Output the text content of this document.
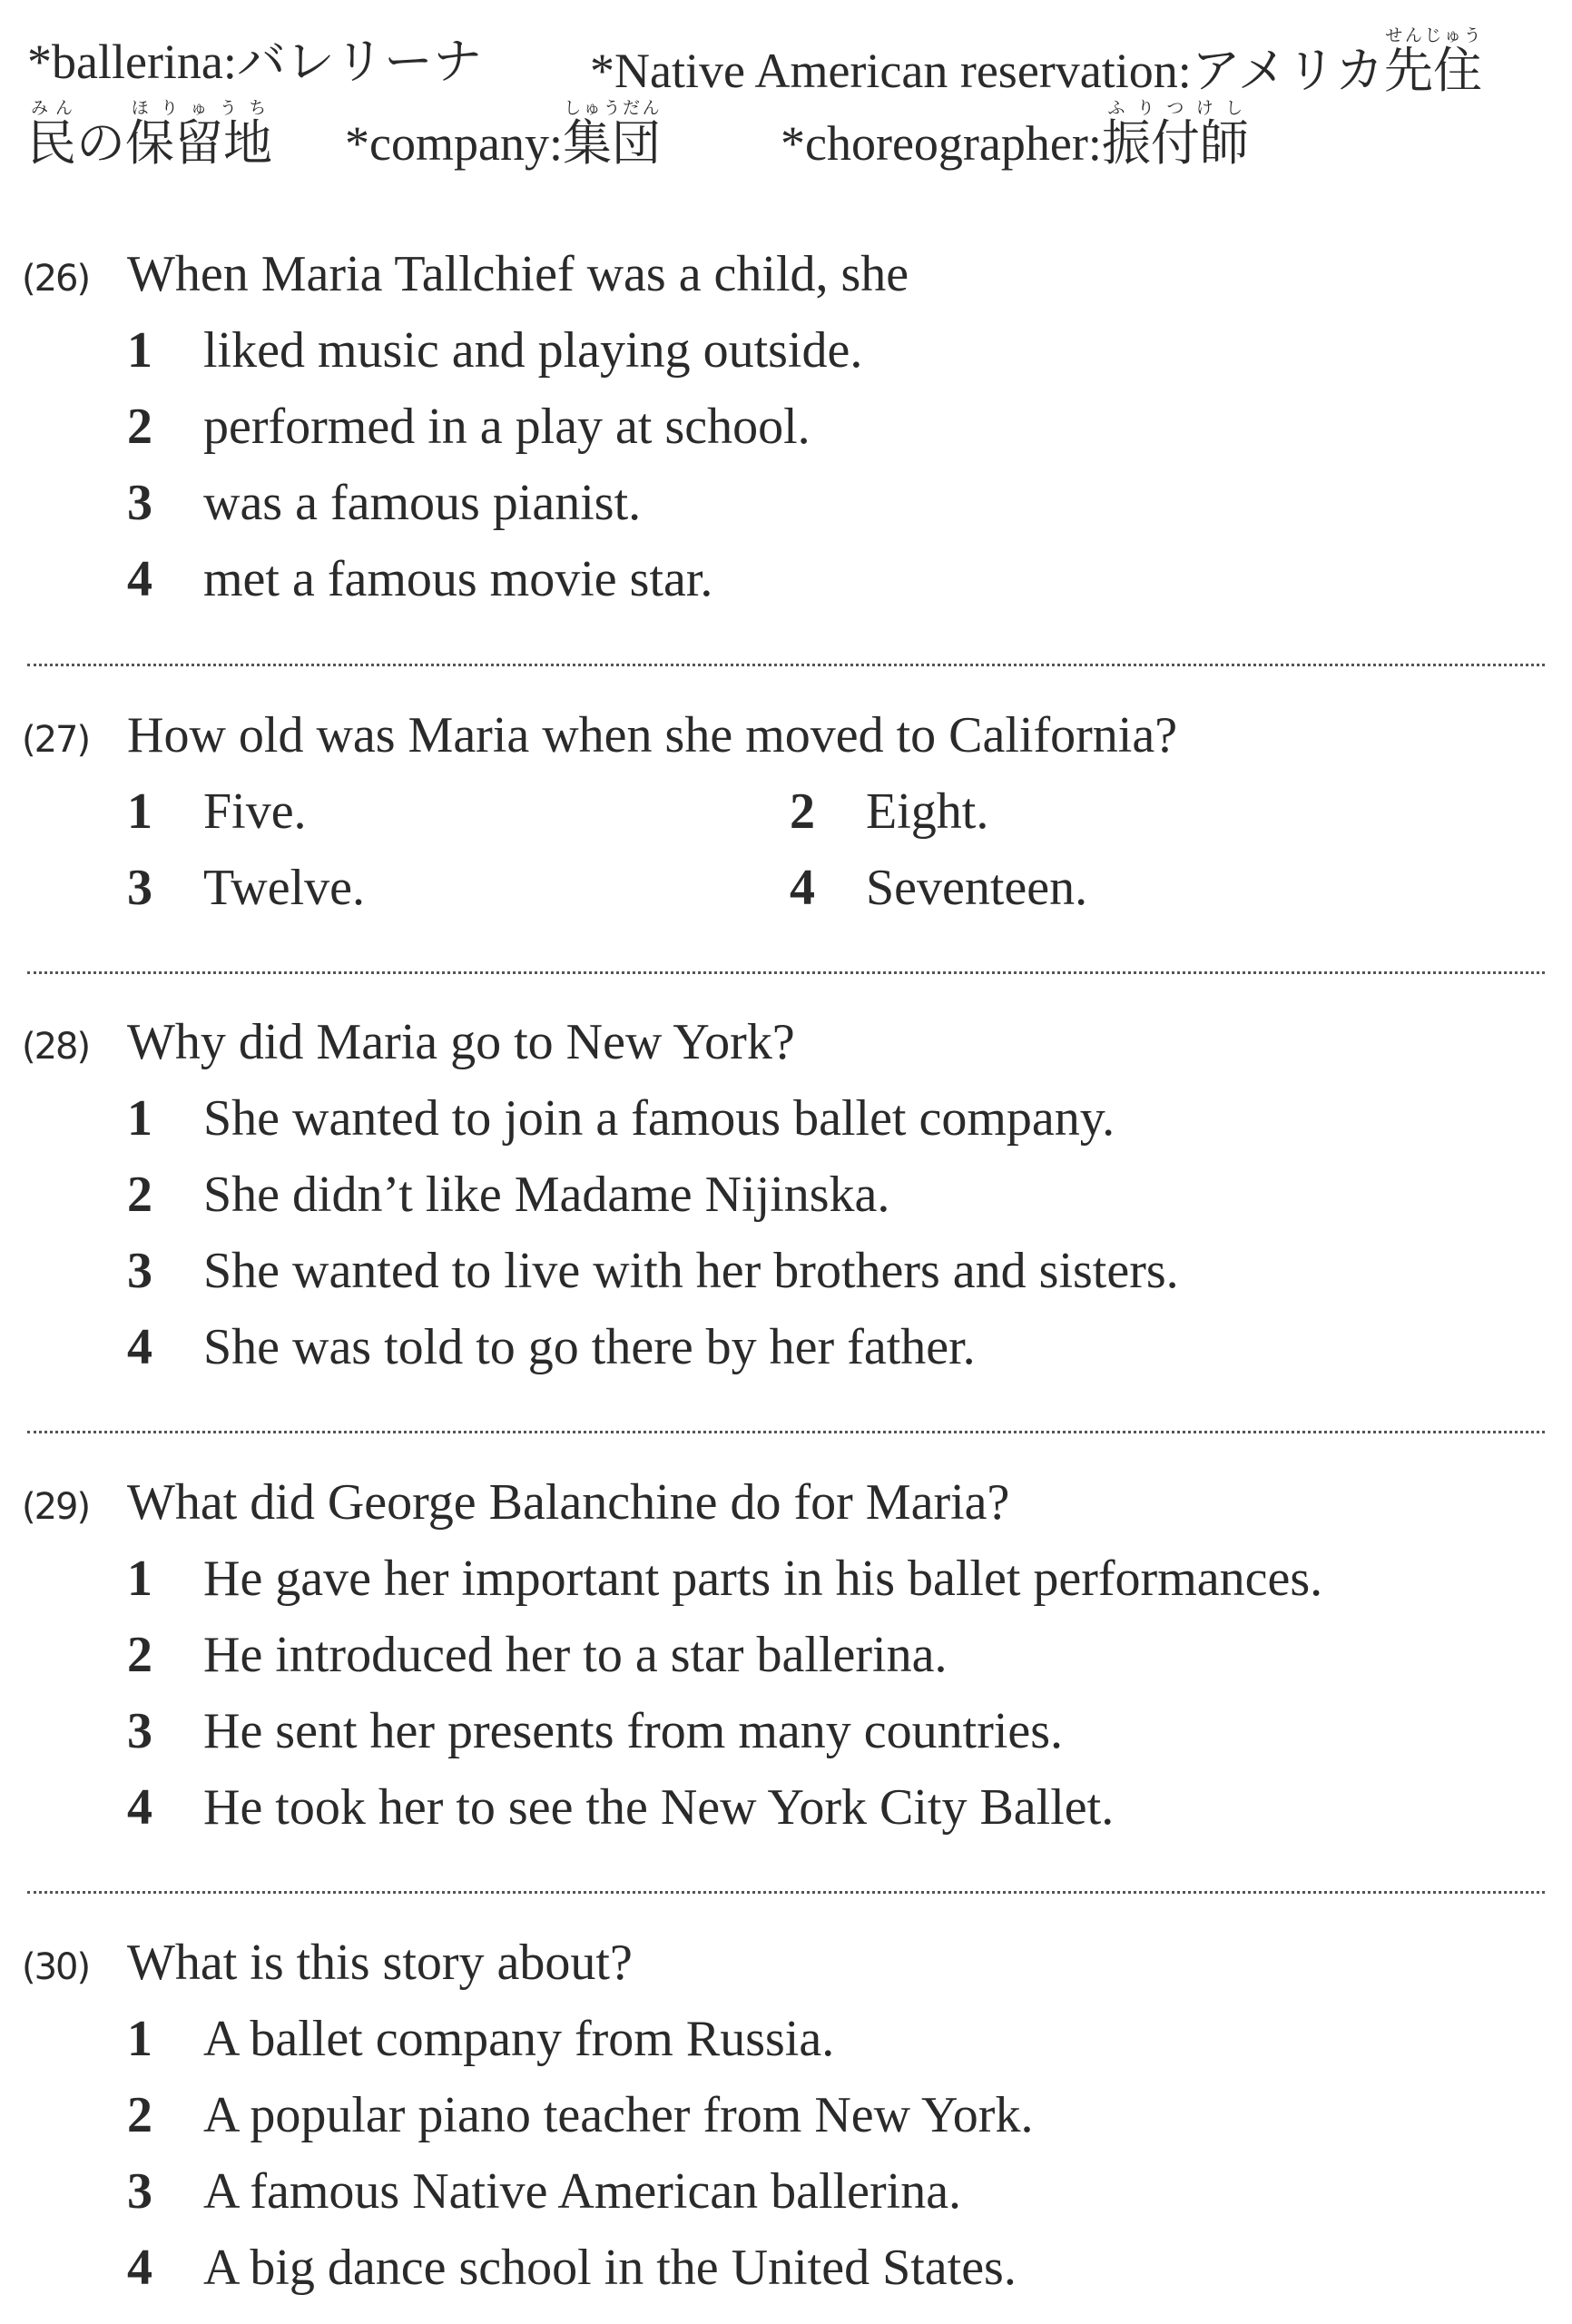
*ballerina:バレリーナ *Native American reservation:アメリカ先住せんじゅう
民みんの保留地ほりゅうち
*company:集団しゅうだん
*choreographer:振付師ふりつけし
(26) When Maria Tallchief was a child, she
1 liked music and playing outside.
2 performed in a play at school.
3 was a famous pianist.
4 met a famous movie star.
(27) How old was Maria when she moved to California?
1 Five.	2 Eight.
3 Twelve.	4 Seventeen.
(28) Why did Maria go to New York?
1 She wanted to join a famous ballet company.
2 She didn’t like Madame Nijinska.
3 She wanted to live with her brothers and sisters.
4 She was told to go there by her father.
(29) What did George Balanchine do for Maria?
1 He gave her important parts in his ballet performances.
2 He introduced her to a star ballerina.
3 He sent her presents from many countries.
4 He took her to see the New York City Ballet.
(30) What is this story about?
1 A ballet company from Russia.
2 A popular piano teacher from New York.
3 A famous Native American ballerina.
4 A big dance school in the United States.
